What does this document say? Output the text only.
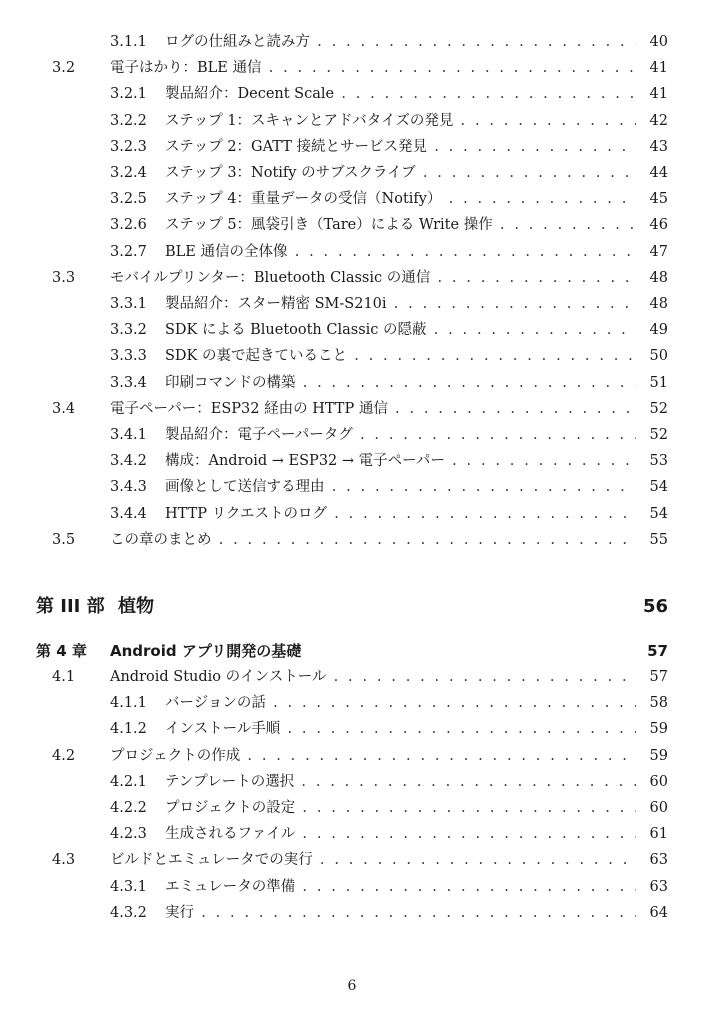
3.1.1 ログの仕組みと読み方 . . .	40
3.2 電子はかり：BLE 通信 . . .	41
3.2.1 製品紹介：Decent Scale . . .	41
3.2.2 ステップ 1：スキャンとアドバタイズの発見 . . .	42
3.2.3 ステップ 2：GATT 接続とサービス発見 . . .	43
3.2.4 ステップ 3：Notify のサブスクライブ . . .	44
3.2.5 ステップ 4：重量データの受信（Notify） . . .	45
3.2.6 ステップ 5：風袋引き（Tare）による Write 操作 . . .	46
3.2.7 BLE 通信の全体像 . . .	47
3.3 モバイルプリンター：Bluetooth Classic の通信 . . .	48
3.3.1 製品紹介：スター精密 SM-S210i . . .	48
3.3.2 SDK による Bluetooth Classic の隠蔽 . . .	49
3.3.3 SDK の裏で起きていること . . .	50
3.3.4 印刷コマンドの構築 . . .	51
3.4 電子ペーパー：ESP32 経由の HTTP 通信 . . .	52
3.4.1 製品紹介：電子ペーパータグ . . .	52
3.4.2 構成：Android → ESP32 → 電子ペーパー . . .	53
3.4.3 画像として送信する理由 . . .	54
3.4.4 HTTP リクエストのログ . . .	54
3.5 この章のまとめ . . .	55
第 III 部 植物	56
第 4 章 Android アプリ開発の基礎	57
4.1 Android Studio のインストール . . .	57
4.1.1 バージョンの話 . . .	58
4.1.2 インストール手順 . . .	59
4.2 プロジェクトの作成 . . .	59
4.2.1 テンプレートの選択 . . .	60
4.2.2 プロジェクトの設定 . . .	60
4.2.3 生成されるファイル . . .	61
4.3 ビルドとエミュレータでの実行 . . .	63
4.3.1 エミュレータの準備 . . .	63
4.3.2 実行 . . .	64
6
